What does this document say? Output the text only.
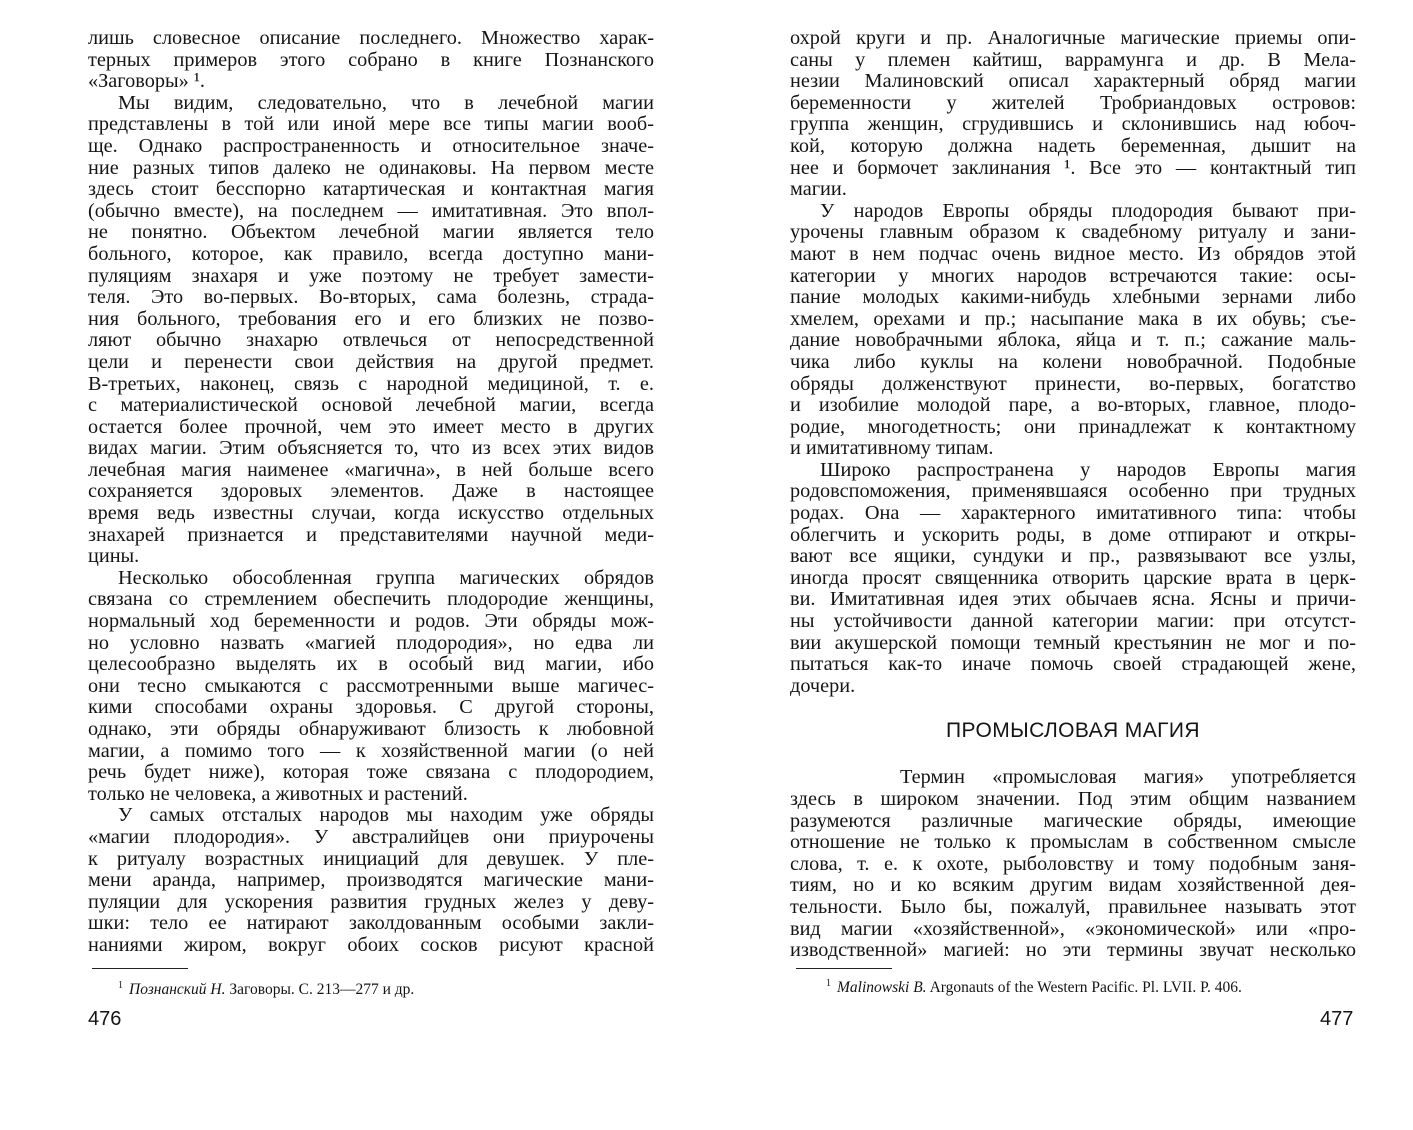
лишь словесное описание последнего. Множество харак-
терных примеров этого собрано в книге Познанского
«Заговоры» ¹.
Мы видим, следовательно, что в лечебной магии
представлены в той или иной мере все типы магии вооб-
ще. Однако распространенность и относительное значе-
ние разных типов далеко не одинаковы. На первом месте
здесь стоит бесспорно катартическая и контактная магия
(обычно вместе), на последнем — имитативная. Это впол-
не понятно. Объектом лечебной магии является тело
больного, которое, как правило, всегда доступно мани-
пуляциям знахаря и уже поэтому не требует замести-
теля. Это во-первых. Во-вторых, сама болезнь, страда-
ния больного, требования его и его близких не позво-
ляют обычно знахарю отвлечься от непосредственной
цели и перенести свои действия на другой предмет.
В-третьих, наконец, связь с народной медициной, т. е.
с материалистической основой лечебной магии, всегда
остается более прочной, чем это имеет место в других
видах магии. Этим объясняется то, что из всех этих видов
лечебная магия наименее «магична», в ней больше всего
сохраняется здоровых элементов. Даже в настоящее
время ведь известны случаи, когда искусство отдельных
знахарей признается и представителями научной меди-
цины.
Несколько обособленная группа магических обрядов
связана со стремлением обеспечить плодородие женщины,
нормальный ход беременности и родов. Эти обряды мож-
но условно назвать «магией плодородия», но едва ли
целесообразно выделять их в особый вид магии, ибо
они тесно смыкаются с рассмотренными выше магичес-
кими способами охраны здоровья. С другой стороны,
однако, эти обряды обнаруживают близость к любовной
магии, а помимо того — к хозяйственной магии (о ней
речь будет ниже), которая тоже связана с плодородием,
только не человека, а животных и растений.
У самых отсталых народов мы находим уже обряды
«магии плодородия». У австралийцев они приурочены
к ритуалу возрастных инициаций для девушек. У пле-
мени аранда, например, производятся магические мани-
пуляции для ускорения развития грудных желез у деву-
шки: тело ее натирают заколдованным особыми закли-
наниями жиром, вокруг обоих сосков рисуют красной
$^1$ Познанский Н. Заговоры. С. 213—277 и др.
476
охрой круги и пр. Аналогичные магические приемы опи-
саны у племен кайтиш, варрамунга и др. В Мела-
незии Малиновский описал характерный обряд магии
беременности у жителей Тробриандовых островов:
группа женщин, сгрудившись и склонившись над юбоч-
кой, которую должна надеть беременная, дышит на
нее и бормочет заклинания ¹. Все это — контактный тип
магии.
У народов Европы обряды плодородия бывают при-
урочены главным образом к свадебному ритуалу и зани-
мают в нем подчас очень видное место. Из обрядов этой
категории у многих народов встречаются такие: осы-
пание молодых какими-нибудь хлебными зернами либо
хмелем, орехами и пр.; насыпание мака в их обувь; съе-
дание новобрачными яблока, яйца и т. п.; сажание маль-
чика либо куклы на колени новобрачной. Подобные
обряды долженствуют принести, во-первых, богатство
и изобилие молодой паре, а во-вторых, главное, плодо-
родие, многодетность; они принадлежат к контактному
и имитативному типам.
Широко распространена у народов Европы магия
родовспоможения, применявшаяся особенно при трудных
родах. Она — характерного имитативного типа: чтобы
облегчить и ускорить роды, в доме отпирают и откры-
вают все ящики, сундуки и пр., развязывают все узлы,
иногда просят священника отворить царские врата в церк-
ви. Имитативная идея этих обычаев ясна. Ясны и причи-
ны устойчивости данной категории магии: при отсутст-
вии акушерской помощи темный крестьянин не мог и по-
пытаться как-то иначе помочь своей страдающей жене,
дочери.
ПРОМЫСЛОВАЯ МАГИЯ
Термин «промысловая магия» употребляется
здесь в широком значении. Под этим общим названием
разумеются различные магические обряды, имеющие
отношение не только к промыслам в собственном смысле
слова, т. е. к охоте, рыболовству и тому подобным заня-
тиям, но и ко всяким другим видам хозяйственной дея-
тельности. Было бы, пожалуй, правильнее называть этот
вид магии «хозяйственной», «экономической» или «про-
изводственной» магией: но эти термины звучат несколько
$^1$ Malinowski B. Argonauts of the Western Pacific. Pl. LVII. P. 406.
477
